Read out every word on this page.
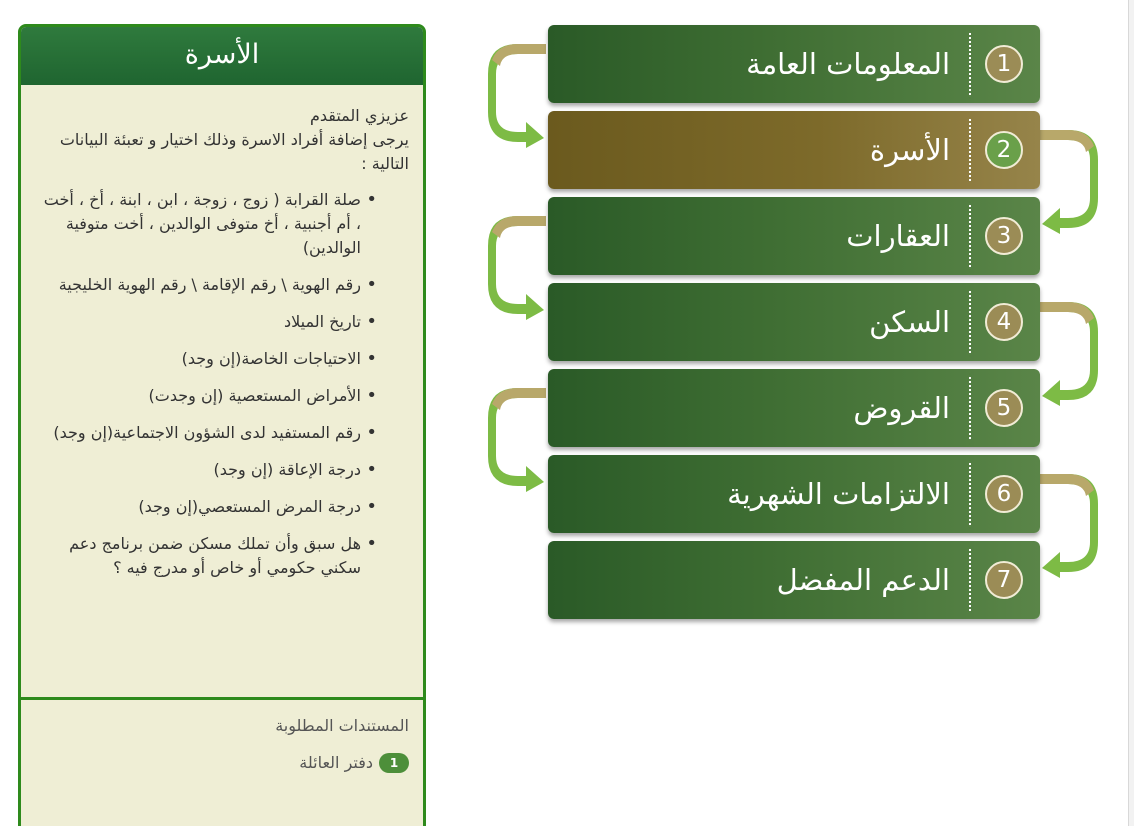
الأسرة
عزيزي المتقدم
يرجى إضافة أفراد الاسرة وذلك اختيار و تعبئة البيانات التالية :
• صلة القرابة ( زوج ، زوجة ، ابن ، ابنة ، أخ ، أخت ، أم أجنبية ، أخ متوفى الوالدين ، أخت متوفية الوالدين)
• رقم الهوية \ رقم الإقامة \ رقم الهوية الخليجية
• تاريخ الميلاد
• الاحتياجات الخاصة(إن وجد)
• الأمراض المستعصية (إن وجدت)
• رقم المستفيد لدى الشؤون الاجتماعية(إن وجد)
• درجة الإعاقة (إن وجد)
• درجة المرض المستعصي(إن وجد)
• هل سبق وأن تملك مسكن ضمن برنامج دعم سكني حكومي أو خاص أو مدرج فيه ؟
المستندات المطلوبة
1
دفتر العائلة
المعلومات العامة	1
الأسرة	2
العقارات	3
السكن	4
القروض	5
الالتزامات الشهرية	6
الدعم المفضل	7
